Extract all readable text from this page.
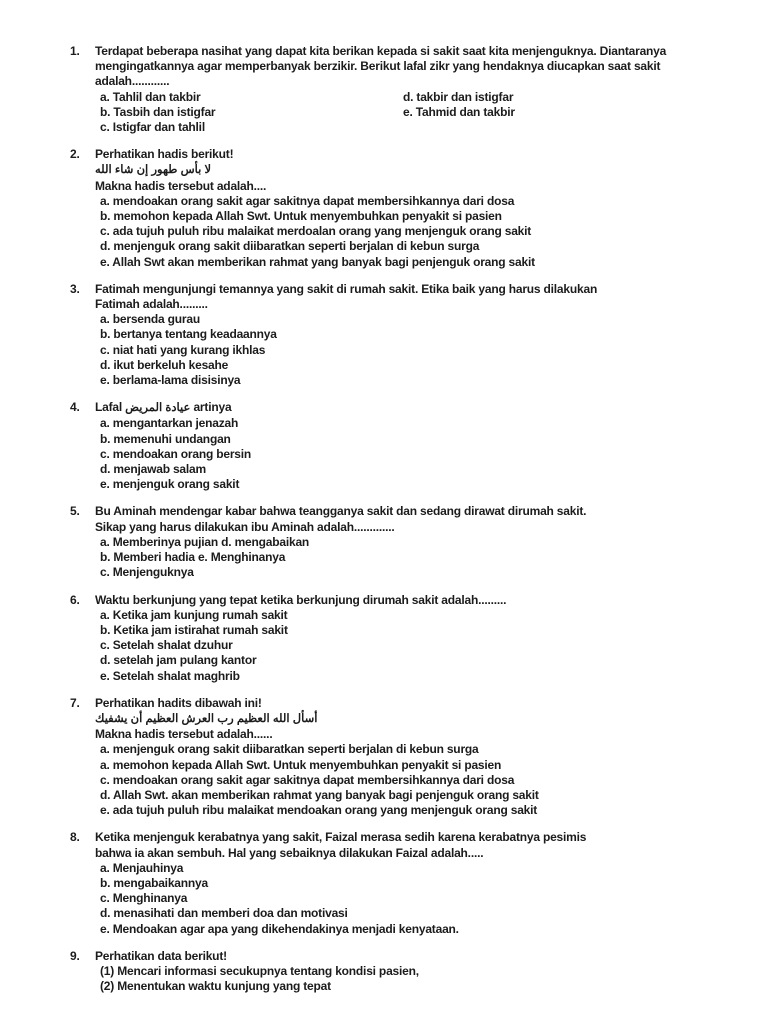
1.	Terdapat beberapa nasihat yang dapat kita berikan kepada si sakit saat kita menjenguknya. Diantaranya
mengingatkannya agar memperbanyak berzikir. Berikut lafal zikr yang hendaknya diucapkan saat sakit
adalah............
a. Tahlil dan takbir	d. takbir dan istigfar
b. Tasbih dan istigfar	e. Tahmid dan takbir
c. Istigfar dan tahlil
2.	Perhatikan hadis berikut!
لا بأس طهور إن شاء الله
Makna hadis tersebut adalah....
a. mendoakan orang sakit agar sakitnya dapat membersihkannya dari dosa
b. memohon kepada Allah Swt. Untuk menyembuhkan penyakit si pasien
c. ada tujuh puluh ribu malaikat merdoalan orang yang menjenguk orang sakit
d. menjenguk orang sakit diibaratkan seperti berjalan di kebun surga
e. Allah Swt akan memberikan rahmat yang banyak bagi penjenguk orang sakit
3.	Fatimah mengunjungi temannya yang sakit di rumah sakit. Etika baik yang harus dilakukan
Fatimah adalah.........
a. bersenda gurau
b. bertanya tentang keadaannya
c. niat hati yang kurang ikhlas
d. ikut berkeluh kesahe
e. berlama-lama disisinya
4.	Lafal عيادة المريض artinya
a. mengantarkan jenazah
b. memenuhi undangan
c. mendoakan orang bersin
d. menjawab salam
e. menjenguk orang sakit
5.	Bu Aminah mendengar kabar bahwa teangganya sakit dan sedang dirawat dirumah sakit.
Sikap yang harus dilakukan ibu Aminah adalah.............
a. Memberinya pujian d. mengabaikan
b. Memberi hadia e. Menghinanya
c. Menjenguknya
6.	Waktu berkunjung yang tepat ketika berkunjung dirumah sakit adalah.........
a. Ketika jam kunjung rumah sakit
b. Ketika jam istirahat rumah sakit
c. Setelah shalat dzuhur
d. setelah jam pulang kantor
e. Setelah shalat maghrib
7.	Perhatikan hadits dibawah ini!
أسأل الله العظيم رب العرش العظيم أن يشفيك
Makna hadis tersebut adalah......
a. menjenguk orang sakit diibaratkan seperti berjalan di kebun surga
a. memohon kepada Allah Swt. Untuk menyembuhkan penyakit si pasien
c. mendoakan orang sakit agar sakitnya dapat membersihkannya dari dosa
d. Allah Swt. akan memberikan rahmat yang banyak bagi penjenguk orang sakit
e. ada tujuh puluh ribu malaikat mendoakan orang yang menjenguk orang sakit
8.	Ketika menjenguk kerabatnya yang sakit, Faizal merasa sedih karena kerabatnya pesimis
bahwa ia akan sembuh. Hal yang sebaiknya dilakukan Faizal adalah.....
a. Menjauhinya
b. mengabaikannya
c. Menghinanya
d. menasihati dan memberi doa dan motivasi
e. Mendoakan agar apa yang dikehendakinya menjadi kenyataan.
9.	Perhatikan data berikut!
(1) Mencari informasi secukupnya tentang kondisi pasien,
(2) Menentukan waktu kunjung yang tepat
